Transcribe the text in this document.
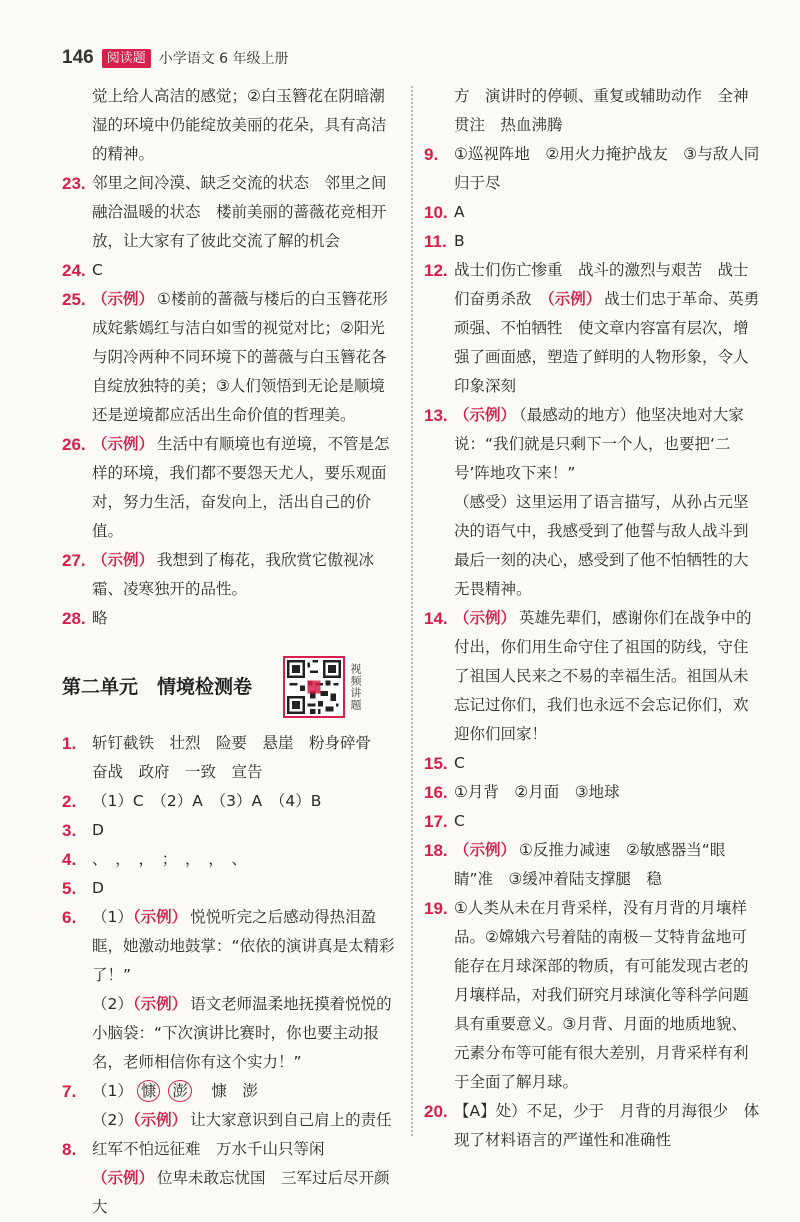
146	阅读题 小学语文 6 年级上册
觉上给人高洁的感觉；②白玉簪花在阴暗潮湿的环境中仍能绽放美丽的花朵，具有高洁的精神。
23. 邻里之间冷漠、缺乏交流的状态　邻里之间融洽温暖的状态　楼前美丽的蔷薇花竞相开放，让大家有了彼此交流了解的机会
24. C
25. （示例） ①楼前的蔷薇与楼后的白玉簪花形成姹紫嫣红与洁白如雪的视觉对比；②阳光与阴冷两种不同环境下的蔷薇与白玉簪花各自绽放独特的美；③人们领悟到无论是顺境还是逆境都应活出生命价值的哲理美。
26. （示例） 生活中有顺境也有逆境，不管是怎样的环境，我们都不要怨天尤人，要乐观面对，努力生活，奋发向上，活出自己的价值。
27. （示例） 我想到了梅花，我欣赏它傲视冰霜、凌寒独开的品性。
28. 略
第二单元　情境检测卷	视频讲题
1. 斩钉截铁　壮烈　险要　悬崖　粉身碎骨　奋战　政府　一致　宣告
2. （1）C　（2）A　（3）A　（4）B
3. D
4. 、　，　，　；　，　，　、
5. D
6. （1）（示例） 悦悦听完之后感动得热泪盈眶，她激动地鼓掌：“依依的演讲真是太精彩了！”
（2）（示例） 语文老师温柔地抚摸着悦悦的小脑袋：“下次演讲比赛时，你也要主动报名，老师相信你有这个实力！”
7. （1） 慷 澎　 慷　澎
（2）（示例） 让大家意识到自己肩上的责任
8. 红军不怕远征难　万水千山只等闲　（示例） 位卑未敢忘忧国　三军过后尽开颜　大
方　演讲时的停顿、重复或辅助动作　全神贯注　热血沸腾
9. ①巡视阵地　②用火力掩护战友　③与敌人同归于尽
10. A
11. B
12. 战士们伤亡惨重　战斗的激烈与艰苦　战士们奋勇杀敌　 （示例） 战士们忠于革命、英勇顽强、不怕牺牲　使文章内容富有层次，增强了画面感，塑造了鲜明的人物形象，令人印象深刻
13. （示例） （最感动的地方）他坚决地对大家说：“我们就是只剩下一个人，也要把‘二号’阵地攻下来！”
（感受）这里运用了语言描写，从孙占元坚决的语气中，我感受到了他誓与敌人战斗到最后一刻的决心，感受到了他不怕牺牲的大无畏精神。
14. （示例） 英雄先辈们，感谢你们在战争中的付出，你们用生命守住了祖国的防线，守住了祖国人民来之不易的幸福生活。祖国从未忘记过你们，我们也永远不会忘记你们，欢迎你们回家！
15. C
16. ①月背　②月面　③地球
17. C
18. （示例） ①反推力减速　②敏感器当“眼睛”准　③缓冲着陆支撑腿　稳
19. ①人类从未在月背采样，没有月背的月壤样品。②嫦娥六号着陆的南极－艾特肯盆地可能存在月球深部的物质，有可能发现古老的月壤样品，对我们研究月球演化等科学问题具有重要意义。③月背、月面的地质地貌、元素分布等可能有很大差别，月背采样有利于全面了解月球。
20. 【A】处）不足，少于　月背的月海很少　体现了材料语言的严谨性和准确性
